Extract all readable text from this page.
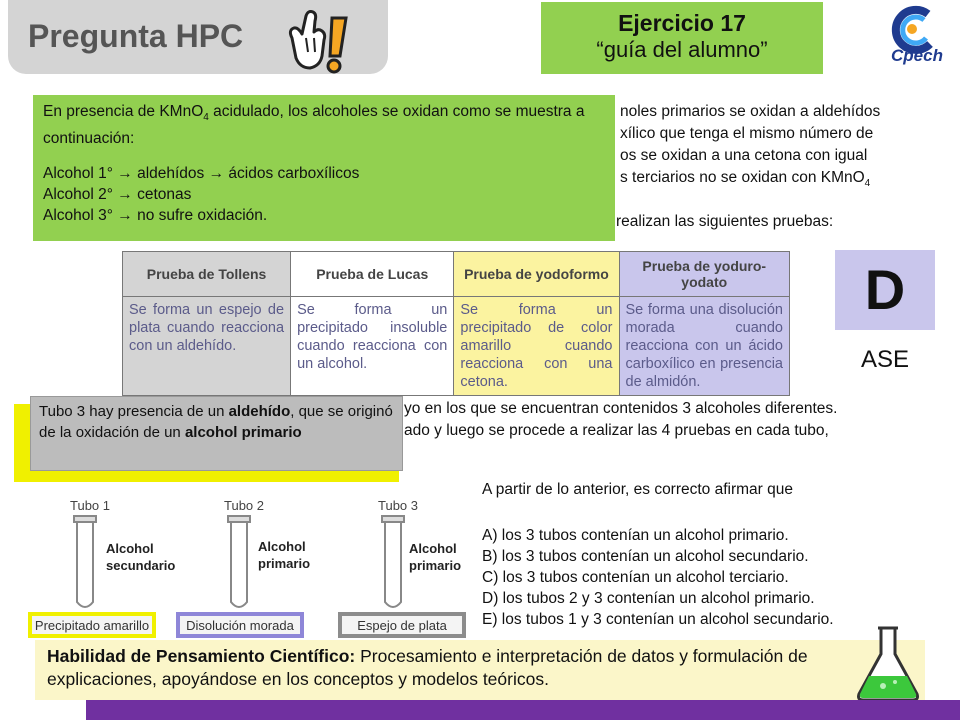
Pregunta HPC	Ejercicio 17
“guía del alumno”	Cpech
noles primarios se oxidan a aldehídos
xílico que tenga el mismo número de
os se oxidan a una cetona con igual
s terciarios no se oxidan con KMnO$_4$
realizan las siguientes pruebas:
yo en los que se encuentran contenidos 3 alcoholes diferentes.
ado y luego se procede a realizar las 4 pruebas en cada tubo,

En presencia de KMnO$_4$ acidulado, los alcoholes se oxidan como se muestra a continuación:

Alcohol 1° → aldehídos → ácidos carboxílicos

Alcohol 2° → cetonas

Alcohol 3° → no sufre oxidación.

Prueba de Tollens	Prueba de Lucas	Prueba de yodoformo	Prueba de yoduro-yodato
Se forma un espejo de plata cuando reacciona con un aldehído.	Se forma un precipitado insoluble cuando reacciona con un alcohol.	Se forma un precipitado de color amarillo cuando reacciona con una cetona.	Se forma una disolución morada cuando reacciona con un ácido carboxílico en presencia de almidón.
D
ASE
Tubo 3 hay presencia de un aldehído, que se originó de la oxidación de un alcohol primario
Tubo 1	Tubo 2	Tubo 3
Alcohol secundario
Alcohol primario
Alcohol primario
Precipitado amarillo	Disolución morada	Espejo de plata
A partir de lo anterior, es correcto afirmar que
A) los 3 tubos contenían un alcohol primario.
B) los 3 tubos contenían un alcohol secundario.
C) los 3 tubos contenían un alcohol terciario.
D) los tubos 2 y 3 contenían un alcohol primario.
E) los tubos 1 y 3 contenían un alcohol secundario.
Habilidad de Pensamiento Científico: Procesamiento e interpretación de datos y formulación de explicaciones, apoyándose en los conceptos y modelos teóricos.
